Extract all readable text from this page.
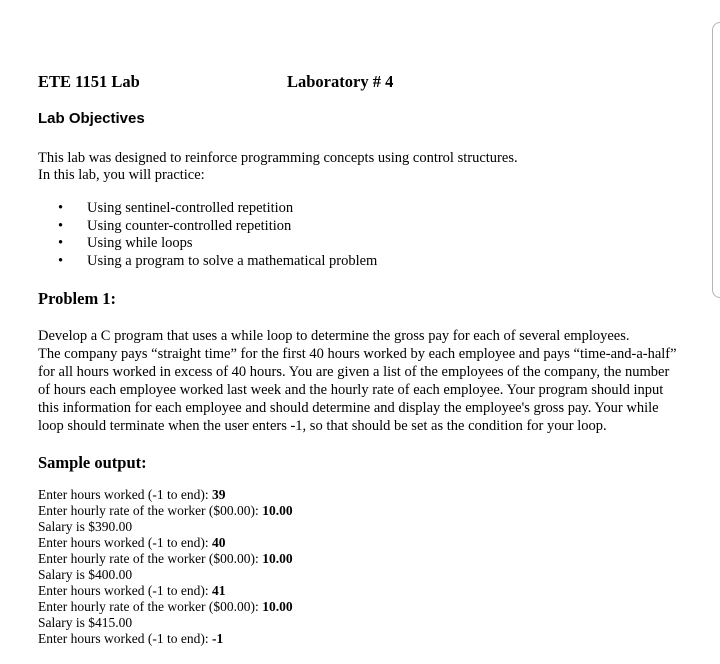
ETE 1151 Lab	Laboratory # 4
Lab Objectives
This lab was designed to reinforce programming concepts using control structures.
In this lab, you will practice:
• Using sentinel-controlled repetition
• Using counter-controlled repetition
• Using while loops
• Using a program to solve a mathematical problem
Problem 1:
Develop a C program that uses a while loop to determine the gross pay for each of several employees.
The company pays “straight time” for the first 40 hours worked by each employee and pays “time-and-a-half”
for all hours worked in excess of 40 hours. You are given a list of the employees of the company, the number
of hours each employee worked last week and the hourly rate of each employee. Your program should input
this information for each employee and should determine and display the employee's gross pay. Your while
loop should terminate when the user enters -1, so that should be set as the condition for your loop.
Sample output:
Enter hours worked (-1 to end): 39
Enter hourly rate of the worker ($00.00): 10.00
Salary is $390.00
Enter hours worked (-1 to end): 40
Enter hourly rate of the worker ($00.00): 10.00
Salary is $400.00
Enter hours worked (-1 to end): 41
Enter hourly rate of the worker ($00.00): 10.00
Salary is $415.00
Enter hours worked (-1 to end): -1
